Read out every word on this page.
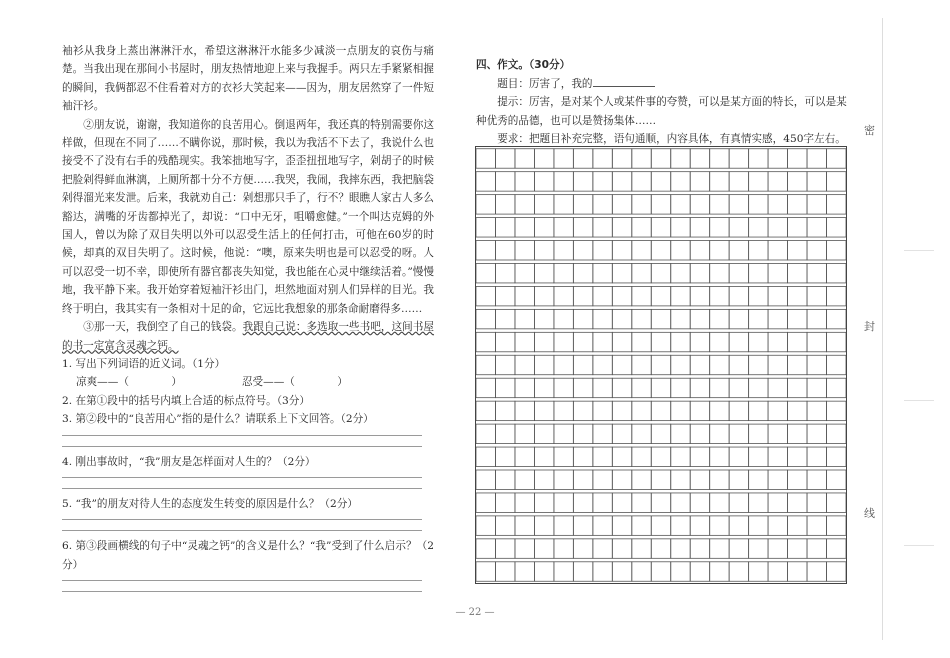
密
封
线

袖衫从我身上蒸出淋淋汗水，希望这淋淋汗水能多少减淡一点朋友的哀伤与痛楚。当我出现在那间小书屋时，朋友热情地迎上来与我握手。两只左手紧紧相握的瞬间，我俩都忍不住看着对方的衣衫大笑起来——因为，朋友居然穿了一件短袖汗衫。

②朋友说，谢谢，我知道你的良苦用心。倒退两年，我还真的特别需要你这样做，但现在不同了……不瞒你说，那时候，我以为我活不下去了，我说什么也接受不了没有右手的残酷现实。我笨拙地写字，歪歪扭扭地写字，剁胡子的时候把脸剁得鲜血淋漓，上厕所都十分不方便……我哭，我闹，我摔东西，我把脑袋剁得溜光来发泄。后来，我就劝自己：剁想那只手了，行不？眼瞧人家古人多么豁达，满嘴的牙齿都掉光了，却说：“口中无牙，咀嚼愈健。”一个叫达克姆的外国人，曾以为除了双目失明以外可以忍受生活上的任何打击，可他在60岁的时候，却真的双目失明了。这时候，他说：“噢，原来失明也是可以忍受的呀。人可以忍受一切不幸，即使所有器官都丧失知觉，我也能在心灵中继续活着。”慢慢地，我平静下来。我开始穿着短袖汗衫出门，坦然地面对别人们异样的目光。我终于明白，我其实有一条相对十足的命，它远比我想象的那条命耐磨得多……

③那一天，我倒空了自己的钱袋。我跟自己说：多选取一些书吧，这间书屋的书一定富含灵魂之钙。

1. 写出下列词语的近义词。（1分）

凉爽——（　　　　）	忍受——（　　　　）

2. 在第①段中的括号内填上合适的标点符号。（3分）

3. 第②段中的“良苦用心”指的是什么？请联系上下文回答。（2分）

4. 刚出事故时，“我”朋友是怎样面对人生的？（2分）

5. “我”的朋友对待人生的态度发生转变的原因是什么？（2分）

6. 第③段画横线的句子中“灵魂之钙”的含义是什么？“我”受到了什么启示？（2分）

四、作文。（30分）

题目：厉害了，我的

提示：厉害，是对某个人或某件事的夸赞，可以是某方面的特长，可以是某种优秀的品德，也可以是赞扬集体……

要求：把题目补充完整，语句通顺，内容具体，有真情实感，450字左右。

— 22 —
